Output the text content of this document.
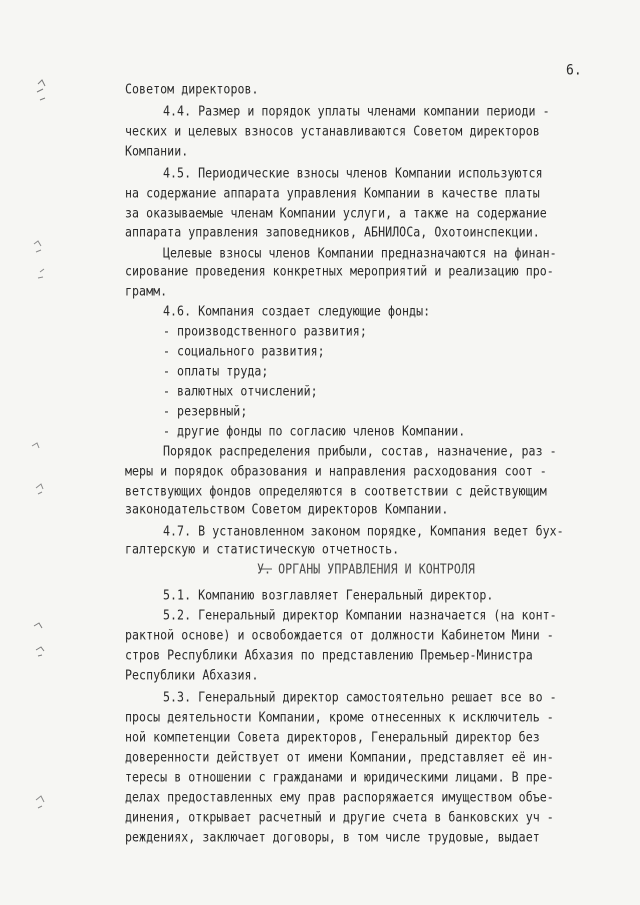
6.
Советом директоров.
4.4. Размер и порядок уплаты членами компании периоди -
ческих и целевых взносов устанавливаются Советом директоров
Компании.
4.5. Периодические взносы членов Компании используются
на содержание аппарата управления Компании в качестве платы
за оказываемые членам Компании услуги, а также на содержание
аппарата управления заповедников, АБНИЛОСа, Охотоинспекции.
Целевые взносы членов Компании предназначаются на финан-
сирование проведения конкретных мероприятий и реализацию про-
грамм.
4.6. Компания создает следующие фонды:
- производственного развития;
- социального развития;
- оплаты труда;
- валютных отчислений;
- резервный;
- другие фонды по согласию членов Компании.
Порядок распределения прибыли, состав, назначение, раз -
меры и порядок образования и направления расходования соот -
ветствующих фондов определяются в соответствии с действующим
законодательством Советом директоров Компании.
4.7. В установленном законом порядке, Компания ведет бух-
галтерскую и статистическую отчетность.
У. ОРГАНЫ УПРАВЛЕНИЯ И КОНТРОЛЯ
5.1. Компанию возглавляет Генеральный директор.
5.2. Генеральный директор Компании назначается (на конт-
рактной основе) и освобождается от должности Кабинетом Мини -
стров Республики Абхазия по представлению Премьер-Министра
Республики Абхазия.
5.3. Генеральный директор самостоятельно решает все во -
просы деятельности Компании, кроме отнесенных к исключитель -
ной компетенции Совета директоров, Генеральный директор без
доверенности действует от имени Компании, представляет её ин-
тересы в отношении с гражданами и юридическими лицами. В пре-
делах предоставленных ему прав распоряжается имуществом объе-
динения, открывает расчетный и другие счета в банковских уч -
реждениях, заключает договоры, в том числе трудовые, выдает
